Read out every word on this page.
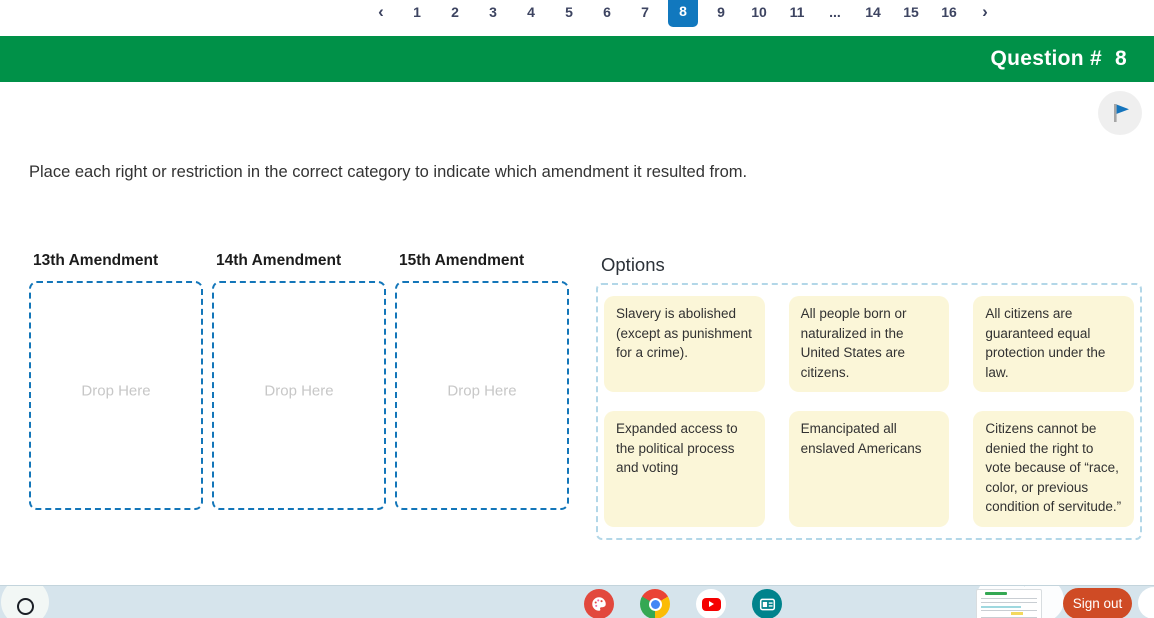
‹	1	2	3	4	5	6	7	8	9	10	11	...	14	15	16	›
Question # 8
Place each right or restriction in the correct category to indicate which amendment it resulted from.
13th Amendment
Drop Here
14th Amendment
Drop Here
15th Amendment
Drop Here
Options
Slavery is abolished (except as punishment for a crime).
All people born or naturalized in the United States are citizens.
All citizens are guaranteed equal protection under the law.
Expanded access to the political process and voting
Emancipated all enslaved Americans
Citizens cannot be denied the right to vote because of “race, color, or previous condition of servitude.”
Sign out
